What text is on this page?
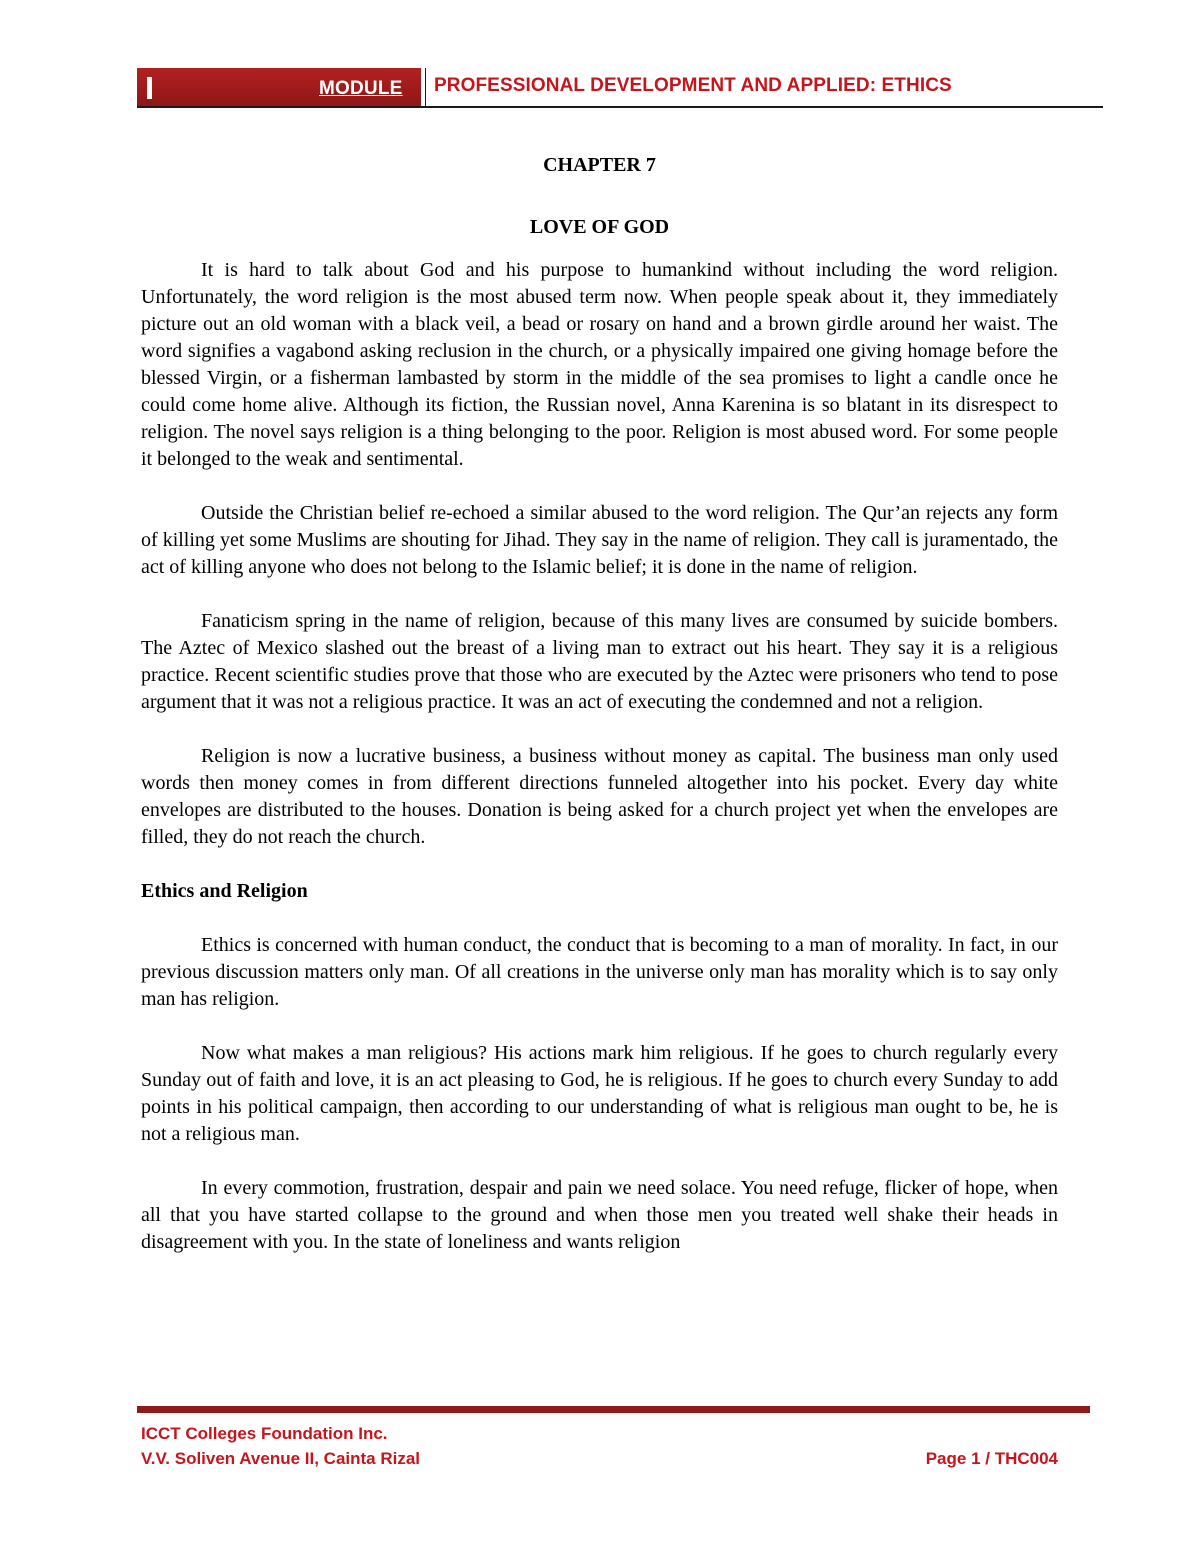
MODULE PROFESSIONAL DEVELOPMENT AND APPLIED: ETHICS

CHAPTER 7

LOVE OF GOD

It is hard to talk about God and his purpose to humankind without including the word religion. Unfortunately, the word religion is the most abused term now. When people speak about it, they immediately picture out an old woman with a black veil, a bead or rosary on hand and a brown girdle around her waist. The word signifies a vagabond asking reclusion in the church, or a physically impaired one giving homage before the blessed Virgin, or a fisherman lambasted by storm in the middle of the sea promises to light a candle once he could come home alive. Although its fiction, the Russian novel, Anna Karenina is so blatant in its disrespect to religion. The novel says religion is a thing belonging to the poor. Religion is most abused word. For some people it belonged to the weak and sentimental.

Outside the Christian belief re-echoed a similar abused to the word religion. The Qur’an rejects any form of killing yet some Muslims are shouting for Jihad. They say in the name of religion. They call is juramentado, the act of killing anyone who does not belong to the Islamic belief; it is done in the name of religion.

Fanaticism spring in the name of religion, because of this many lives are consumed by suicide bombers. The Aztec of Mexico slashed out the breast of a living man to extract out his heart. They say it is a religious practice. Recent scientific studies prove that those who are executed by the Aztec were prisoners who tend to pose argument that it was not a religious practice. It was an act of executing the condemned and not a religion.

Religion is now a lucrative business, a business without money as capital. The business man only used words then money comes in from different directions funneled altogether into his pocket. Every day white envelopes are distributed to the houses. Donation is being asked for a church project yet when the envelopes are filled, they do not reach the church.

Ethics and Religion

Ethics is concerned with human conduct, the conduct that is becoming to a man of morality. In fact, in our previous discussion matters only man. Of all creations in the universe only man has morality which is to say only man has religion.

Now what makes a man religious? His actions mark him religious. If he goes to church regularly every Sunday out of faith and love, it is an act pleasing to God, he is religious. If he goes to church every Sunday to add points in his political campaign, then according to our understanding of what is religious man ought to be, he is not a religious man.

In every commotion, frustration, despair and pain we need solace. You need refuge, flicker of hope, when all that you have started collapse to the ground and when those men you treated well shake their heads in disagreement with you. In the state of loneliness and wants religion

ICCT Colleges Foundation Inc.
V.V. Soliven Avenue II, Cainta Rizal	Page 1 / THC004
